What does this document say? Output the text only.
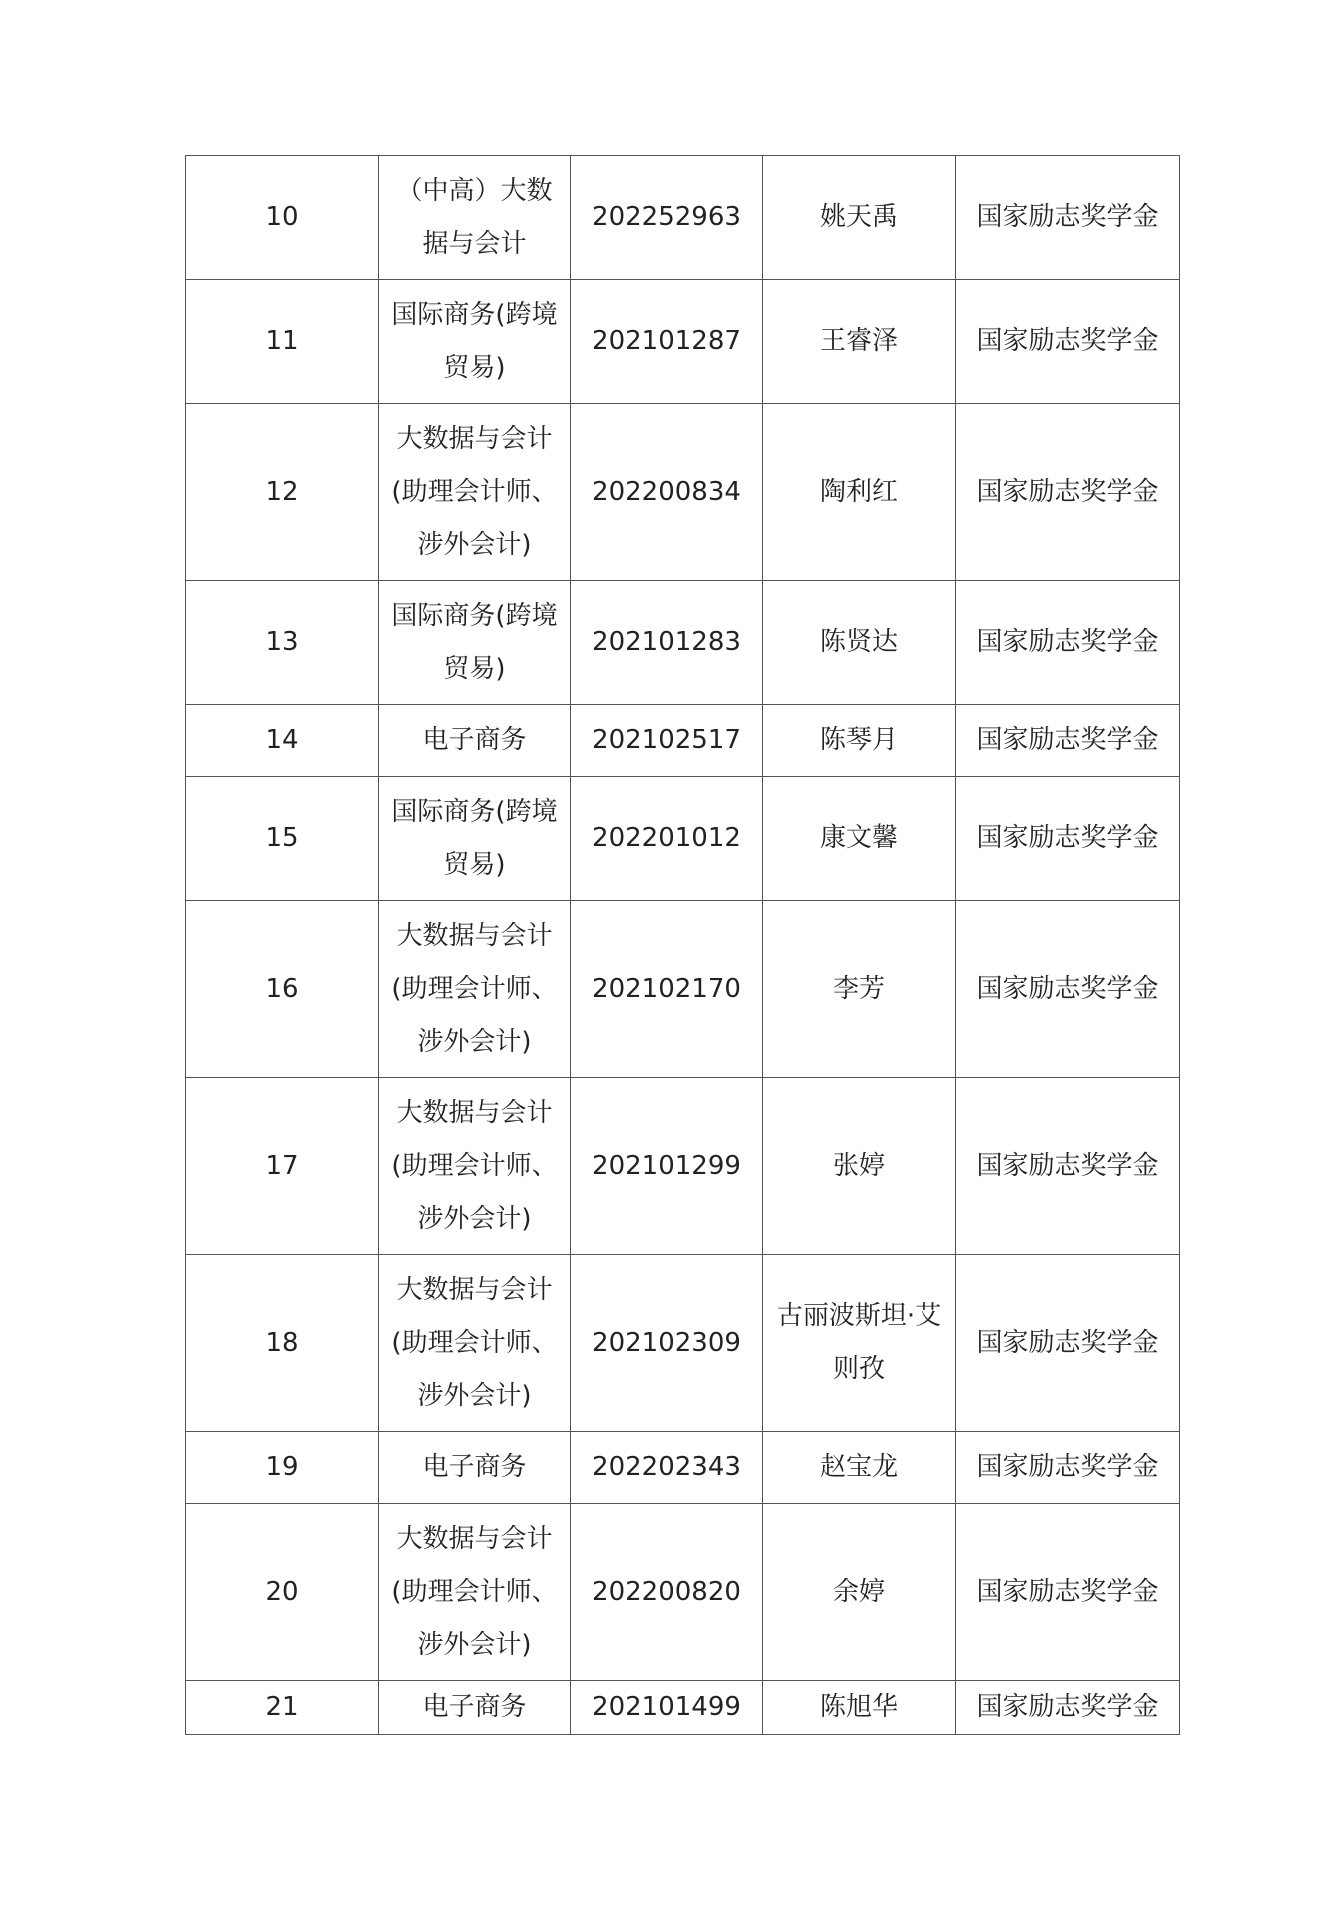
10	（中高）大数据与会计	202252963	姚天禹	国家励志奖学金
11	国际商务(跨境贸易)	202101287	王睿泽	国家励志奖学金
12	大数据与会计(助理会计师、涉外会计)	202200834	陶利红	国家励志奖学金
13	国际商务(跨境贸易)	202101283	陈贤达	国家励志奖学金
14	电子商务	202102517	陈琴月	国家励志奖学金
15	国际商务(跨境贸易)	202201012	康文馨	国家励志奖学金
16	大数据与会计(助理会计师、涉外会计)	202102170	李芳	国家励志奖学金
17	大数据与会计(助理会计师、涉外会计)	202101299	张婷	国家励志奖学金
18	大数据与会计(助理会计师、涉外会计)	202102309	古丽波斯坦·艾则孜	国家励志奖学金
19	电子商务	202202343	赵宝龙	国家励志奖学金
20	大数据与会计(助理会计师、涉外会计)	202200820	余婷	国家励志奖学金
21	电子商务	202101499	陈旭华	国家励志奖学金
